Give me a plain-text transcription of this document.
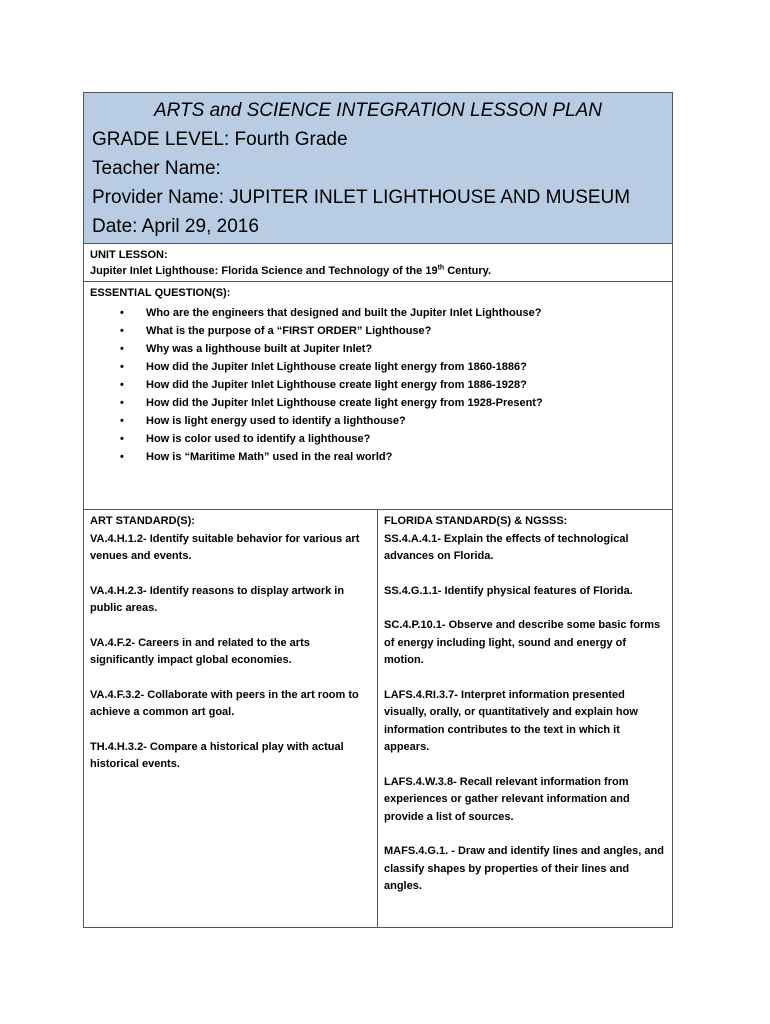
ARTS and SCIENCE INTEGRATION LESSON PLAN
GRADE LEVEL: Fourth Grade
Teacher Name:
Provider Name: JUPITER INLET LIGHTHOUSE AND MUSEUM
Date: April 29, 2016
UNIT LESSON:
Jupiter Inlet Lighthouse: Florida Science and Technology of the 19th Century.
ESSENTIAL QUESTION(S):
• Who are the engineers that designed and built the Jupiter Inlet Lighthouse?
• What is the purpose of a “FIRST ORDER” Lighthouse?
• Why was a lighthouse built at Jupiter Inlet?
• How did the Jupiter Inlet Lighthouse create light energy from 1860-1886?
• How did the Jupiter Inlet Lighthouse create light energy from 1886-1928?
• How did the Jupiter Inlet Lighthouse create light energy from 1928-Present?
• How is light energy used to identify a lighthouse?
• How is color used to identify a lighthouse?
• How is “Maritime Math” used in the real world?
ART STANDARD(S):
VA.4.H.1.2- Identify suitable behavior for various art venues and events.
VA.4.H.2.3- Identify reasons to display artwork in public areas.
VA.4.F.2- Careers in and related to the arts significantly impact global economies.
VA.4.F.3.2- Collaborate with peers in the art room to achieve a common art goal.
TH.4.H.3.2- Compare a historical play with actual historical events.
FLORIDA STANDARD(S) & NGSSS:
SS.4.A.4.1- Explain the effects of technological advances on Florida.
SS.4.G.1.1- Identify physical features of Florida.
SC.4.P.10.1- Observe and describe some basic forms of energy including light, sound and energy of motion.
LAFS.4.RI.3.7- Interpret information presented visually, orally, or quantitatively and explain how information contributes to the text in which it appears.
LAFS.4.W.3.8- Recall relevant information from experiences or gather relevant information and provide a list of sources.
MAFS.4.G.1. - Draw and identify lines and angles, and classify shapes by properties of their lines and angles.
